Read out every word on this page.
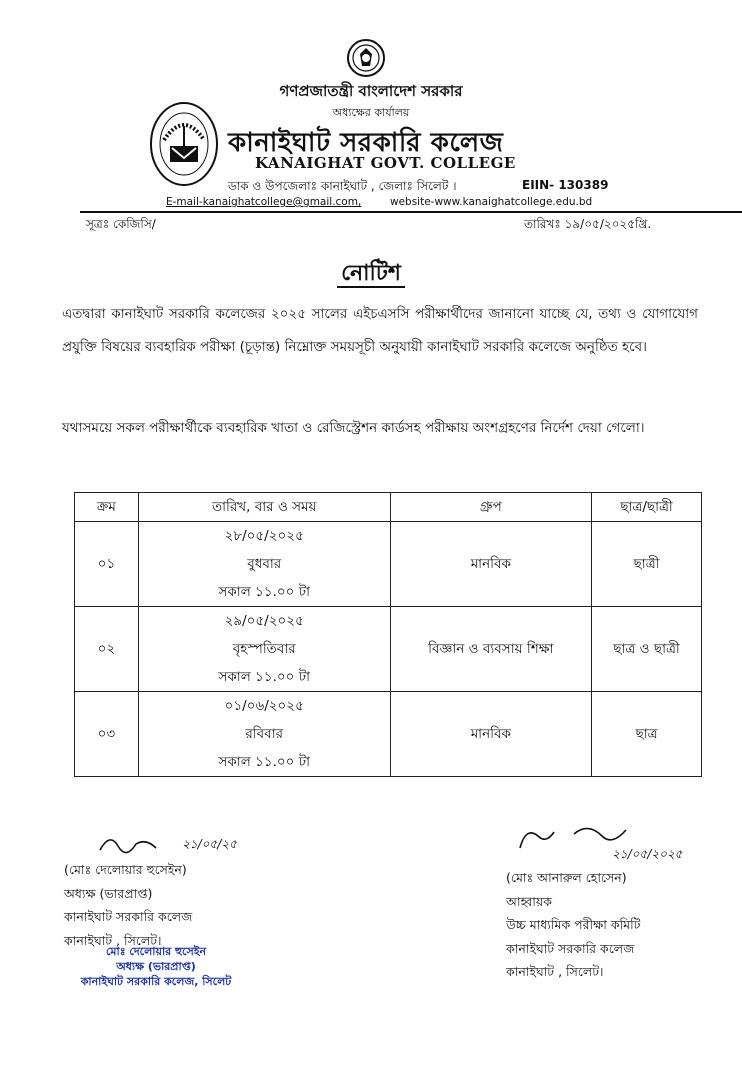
গণপ্রজাতন্ত্রী বাংলাদেশ সরকার
অধ্যক্ষের কার্যালয়
কানাইঘাট সরকারি কলেজ
KANAIGHAT GOVT. COLLEGE
ডাক ও উপজেলাঃ কানাইঘাট , জেলাঃ সিলেট ।	EIIN- 130389
E-mail-kanaighatcollege@gmail.com,	website-www.kanaighatcollege.edu.bd
সূত্রঃ কেজিসি/	তারিখঃ ১৯/০৫/২০২৫খ্রি.
নোটিশ
এতদ্বারা কানাইঘাট সরকারি কলেজের ২০২৫ সালের এইচএসসি পরীক্ষার্থীদের জানানো যাচ্ছে যে, তথ্য ও যোগাযোগ প্রযুক্তি বিষয়ের ব্যবহারিক পরীক্ষা (চূড়ান্ত) নিম্নোক্ত সময়সূচী অনুযায়ী কানাইঘাট সরকারি কলেজে অনুষ্ঠিত হবে।
যথাসময়ে সকল পরীক্ষার্থীকে ব্যবহারিক খাতা ও রেজিস্ট্রেশন কার্ডসহ পরীক্ষায় অংশগ্রহণের নির্দেশ দেয়া গেলো।
ক্রম	তারিখ, বার ও সময়	গ্রুপ	ছাত্র/ছাত্রী
০১	২৮/০৫/২০২৫
বুধবার
সকাল ১১.০০ টা	মানবিক	ছাত্রী
০২	২৯/০৫/২০২৫
বৃহস্পতিবার
সকাল ১১.০০ টা	বিজ্ঞান ও ব্যবসায় শিক্ষা	ছাত্র ও ছাত্রী
০৩	০১/০৬/২০২৫
রবিবার
সকাল ১১.০০ টা	মানবিক	ছাত্র
২১/০৫/২৫
(মোঃ দেলোয়ার হুসেইন)
অধ্যক্ষ (ভারপ্রাপ্ত)
কানাইঘাট সরকারি কলেজ
কানাইঘাট , সিলেট।
মোঃ দেলোয়ার হুসেইন
অধ্যক্ষ (ভারপ্রাপ্ত)
কানাইঘাট সরকারি কলেজ, সিলেট
২১/০৫/২০২৫
(মোঃ আনারুল হোসেন)
আহ্বায়ক
উচ্চ মাধ্যমিক পরীক্ষা কমিটি
কানাইঘাট সরকারি কলেজ
কানাইঘাট , সিলেট।
